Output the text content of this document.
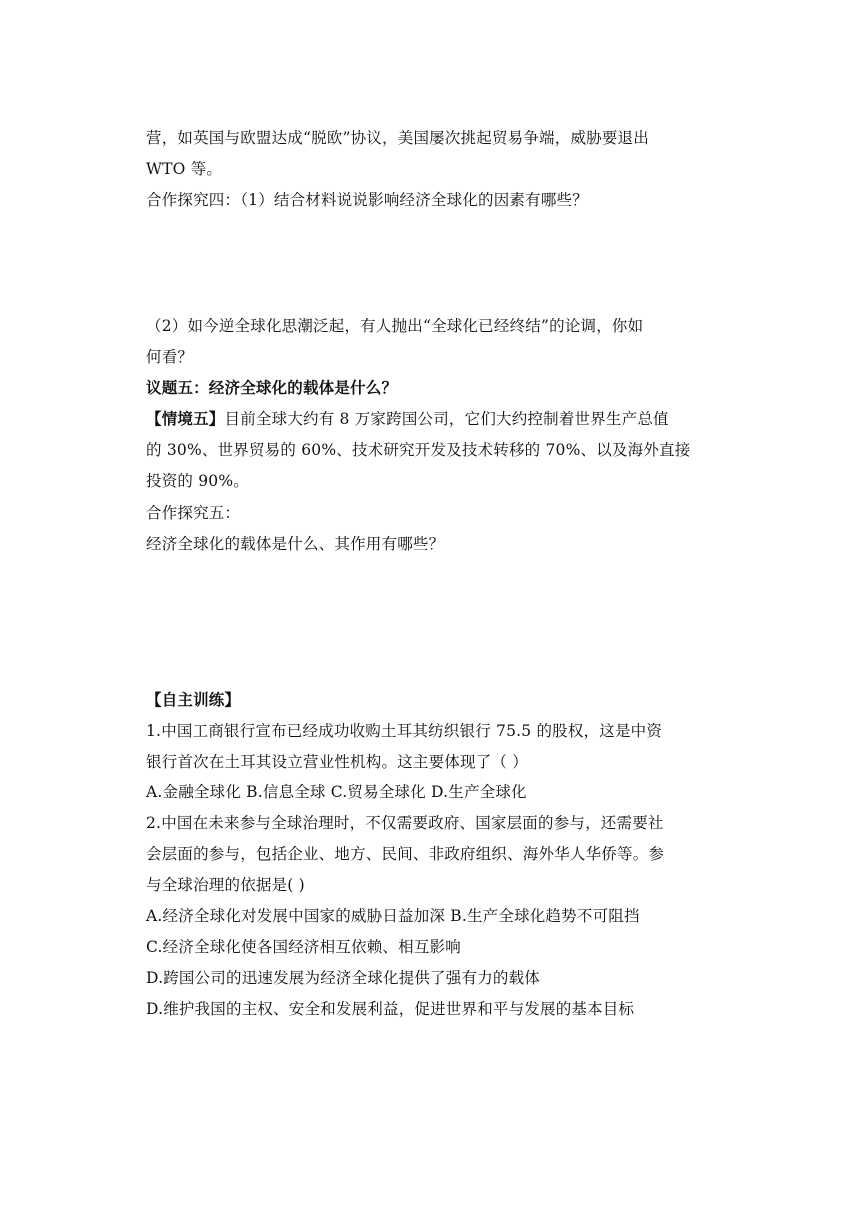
营，如英国与欧盟达成“脱欧”协议，美国屡次挑起贸易争端，威胁要退出
WTO 等。
合作探究四：（1）结合材料说说影响经济全球化的因素有哪些？
（2）如今逆全球化思潮泛起，有人抛出“全球化已经终结”的论调，你如
何看？
议题五：经济全球化的载体是什么？
【情境五】目前全球大约有 8 万家跨国公司，它们大约控制着世界生产总值
的 30%、世界贸易的 60%、技术研究开发及技术转移的 70%、以及海外直接
投资的 90%。
合作探究五：
经济全球化的载体是什么、其作用有哪些？
【自主训练】
1.中国工商银行宣布已经成功收购土耳其纺织银行 75.5 的股权，这是中资
银行首次在土耳其设立营业性机构。这主要体现了（ ）
A.金融全球化 B.信息全球 C.贸易全球化 D.生产全球化
2.中国在未来参与全球治理时，不仅需要政府、国家层面的参与，还需要社
会层面的参与，包括企业、地方、民间、非政府组织、海外华人华侨等。参
与全球治理的依据是( )
A.经济全球化对发展中国家的威胁日益加深 B.生产全球化趋势不可阻挡
C.经济全球化使各国经济相互依赖、相互影响
D.跨国公司的迅速发展为经济全球化提供了强有力的载体
D.维护我国的主权、安全和发展利益，促进世界和平与发展的基本目标
